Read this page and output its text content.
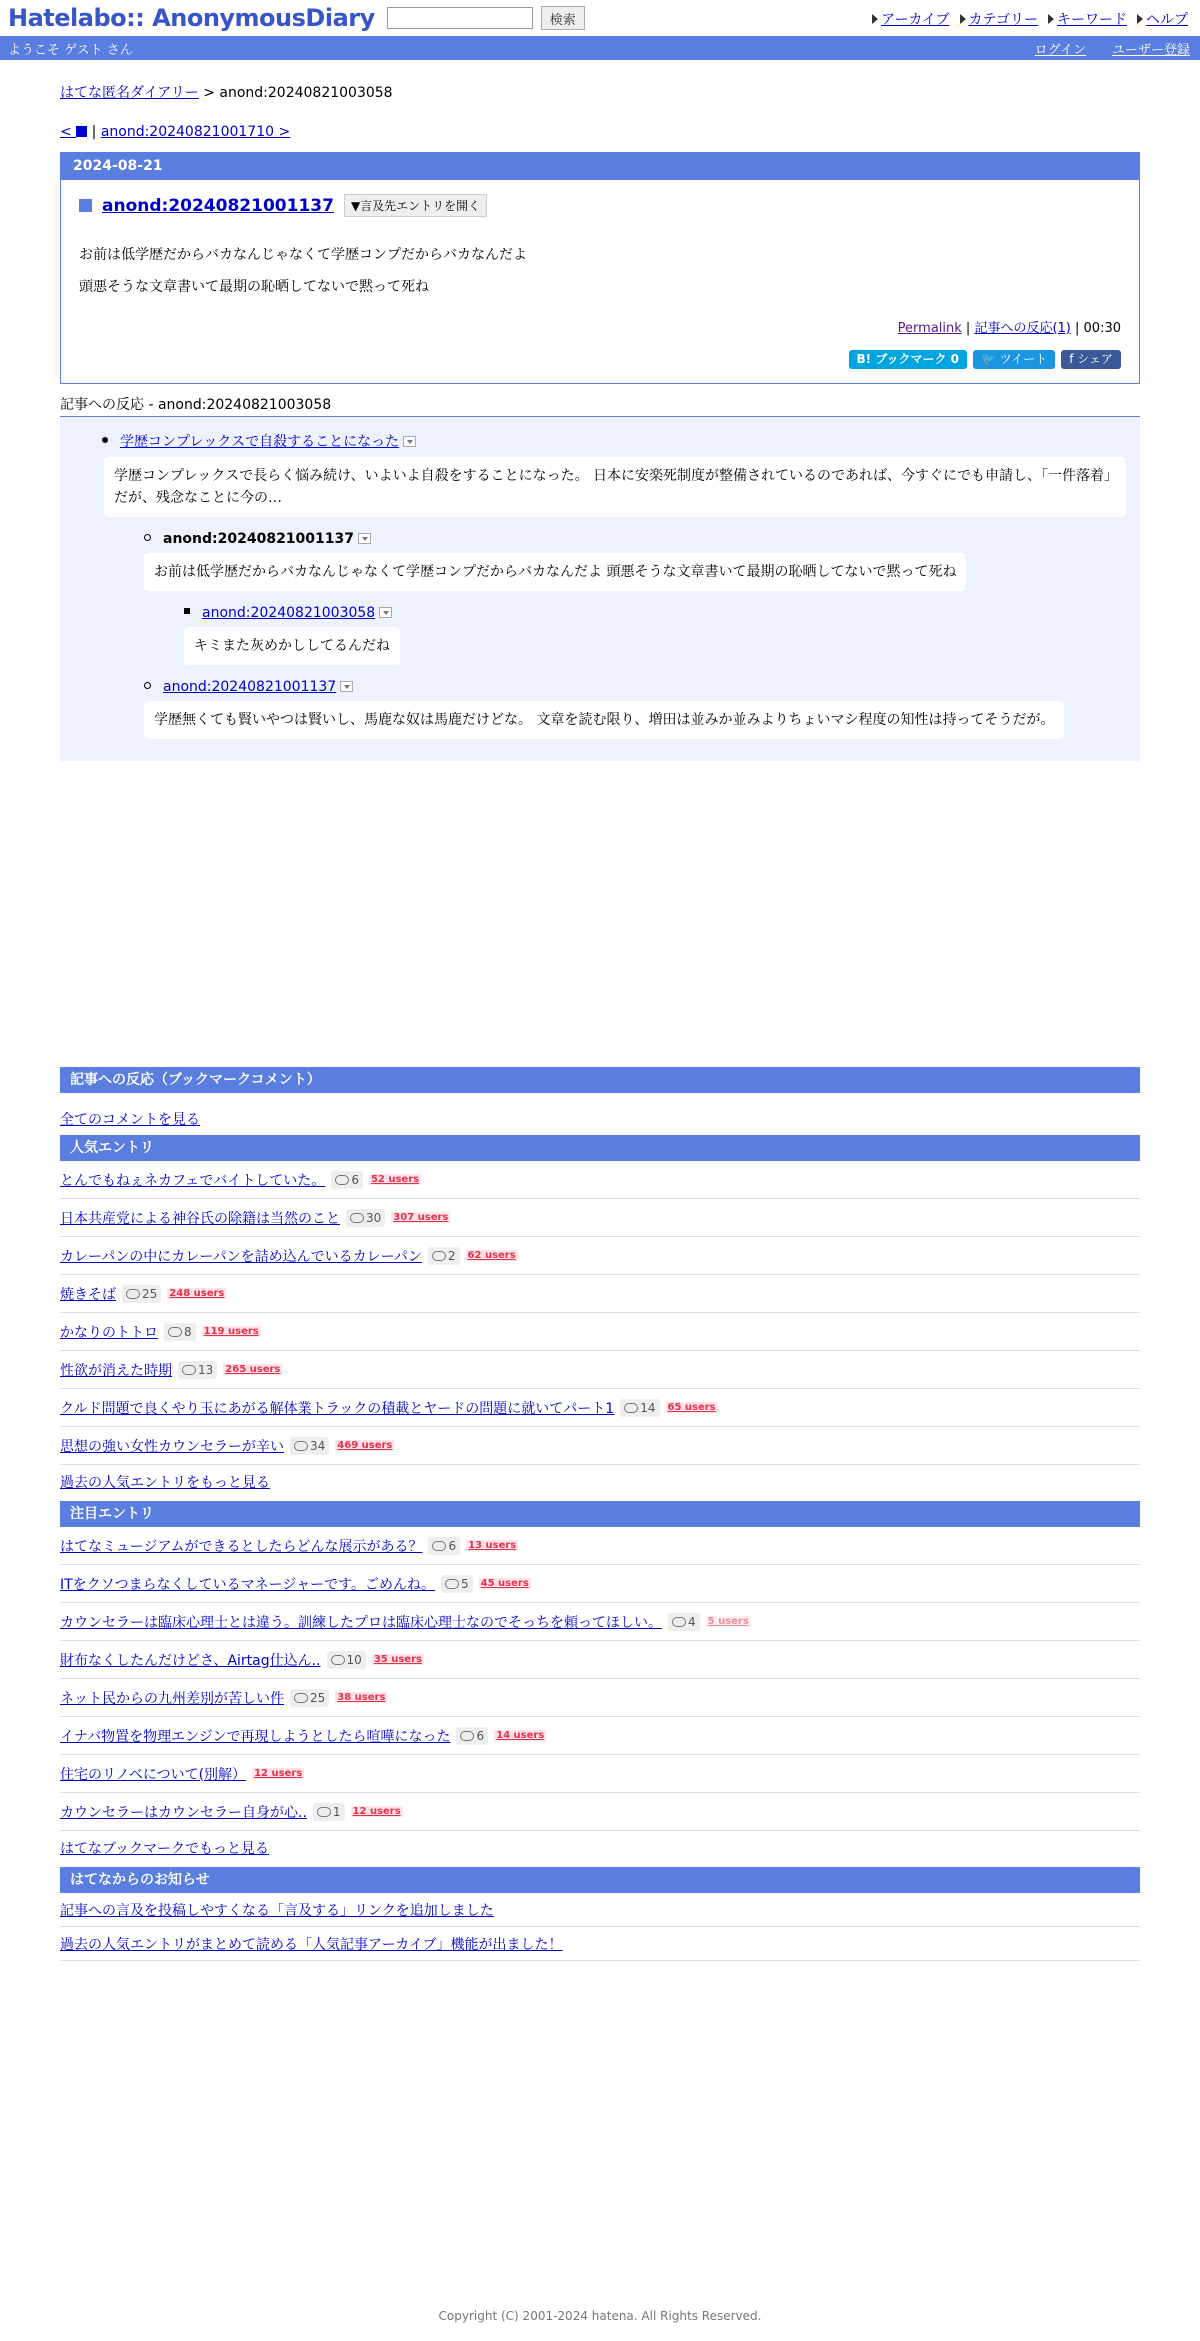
Hatelabo:: AnonymousDiary	検索	アーカイブ カテゴリー キーワード ヘルプ
ようこそ ゲスト さん	ログイン ユーザー登録
はてな匿名ダイアリー > anond:20240821003058
<  | anond:20240821001710 >
2024-08-21
anond:20240821001137	▼言及先エントリを開く
お前は低学歴だからバカなんじゃなくて学歴コンプだからバカなんだよ
頭悪そうな文章書いて最期の恥晒してないで黙って死ね
Permalink | 記事への反応(1) | 00:30
B! ブックマーク 0	🐦 ツイート	f シェア
記事への反応 - anond:20240821003058
学歴コンプレックスで自殺することになった
学歴コンプレックスで長らく悩み続け、いよいよ自殺をすることになった。 日本に安楽死制度が整備されているのであれば、今すぐにでも申請し、「一件落着」だが、残念なことに今の…
anond:20240821001137
お前は低学歴だからバカなんじゃなくて学歴コンプだからバカなんだよ 頭悪そうな文章書いて最期の恥晒してないで黙って死ね
anond:20240821003058
キミまた灰めかししてるんだね
anond:20240821001137
学歴無くても賢いやつは賢いし、馬鹿な奴は馬鹿だけどな。 文章を読む限り、増田は並みか並みよりちょいマシ程度の知性は持ってそうだが。
記事への反応（ブックマークコメント）
全てのコメントを見る
人気エントリ
とんでもねぇネカフェでバイトしていた。 6 52 users
日本共産党による神谷氏の除籍は当然のこと 30 307 users
カレーパンの中にカレーパンを詰め込んでいるカレーパン 2 62 users
焼きそば 25 248 users
かなりのトトロ 8 119 users
性欲が消えた時期 13 265 users
クルド問題で良くやり玉にあがる解体業トラックの積載とヤードの問題に就いてパート1 14 65 users
思想の強い女性カウンセラーが辛い 34 469 users
過去の人気エントリをもっと見る
注目エントリ
はてなミュージアムができるとしたらどんな展示がある？ 6 13 users
ITをクソつまらなくしているマネージャーです。ごめんね。 5 45 users
カウンセラーは臨床心理士とは違う。訓練したプロは臨床心理士なのでそっちを頼ってほしい。 4 5 users
財布なくしたんだけどさ、Airtag仕込ん.. 10 35 users
ネット民からの九州差別が苦しい件 25 38 users
イナバ物置を物理エンジンで再現しようとしたら喧嘩になった 6 14 users
住宅のリノベについて(別解） 12 users
カウンセラーはカウンセラー自身が心.. 1 12 users
はてなブックマークでもっと見る
はてなからのお知らせ
記事への言及を投稿しやすくなる「言及する」リンクを追加しました
過去の人気エントリがまとめて読める「人気記事アーカイブ」機能が出ました！
Copyright (C) 2001-2024 hatena. All Rights Reserved.
